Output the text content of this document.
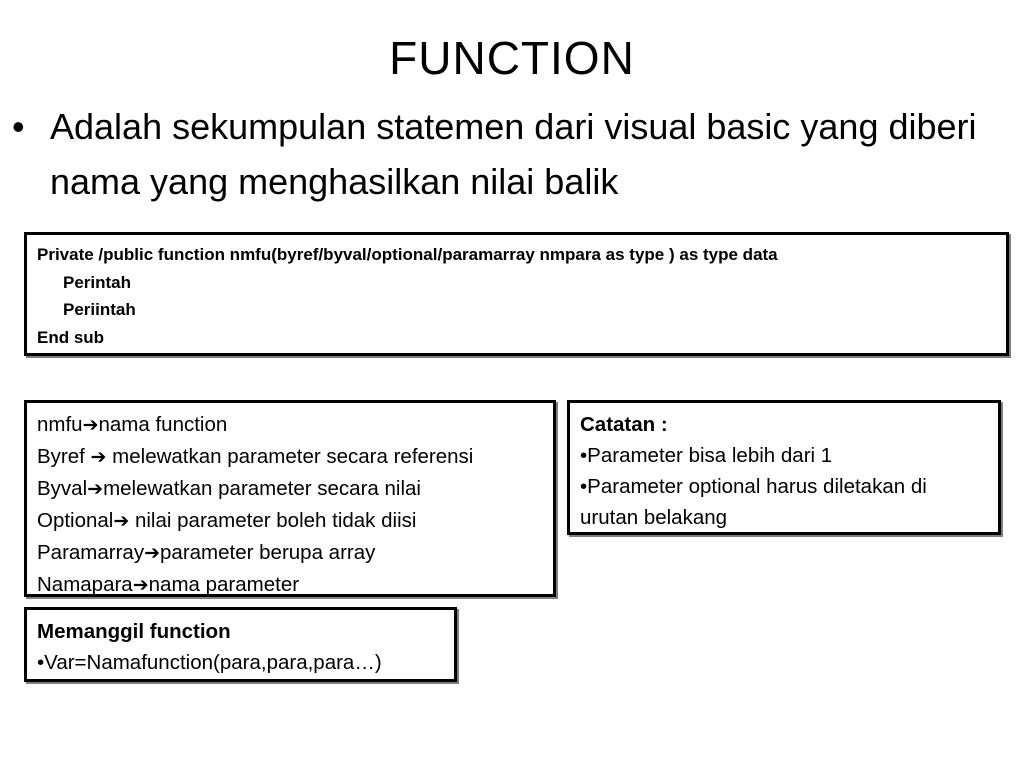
FUNCTION
• Adalah sekumpulan statemen dari visual basic yang diberi nama yang menghasilkan nilai balik
Private /public function nmfu(byref/byval/optional/paramarray nmpara as type ) as type data
Perintah
Periintah
End sub
nmfu➔nama function
Byref ➔ melewatkan parameter secara referensi
Byval➔melewatkan parameter secara nilai
Optional➔ nilai parameter boleh tidak diisi
Paramarray➔parameter berupa array
Namapara➔nama parameter
Catatan :
•Parameter bisa lebih dari 1
•Parameter optional harus diletakan di urutan belakang
Memanggil function
•Var=Namafunction(para,para,para…)
